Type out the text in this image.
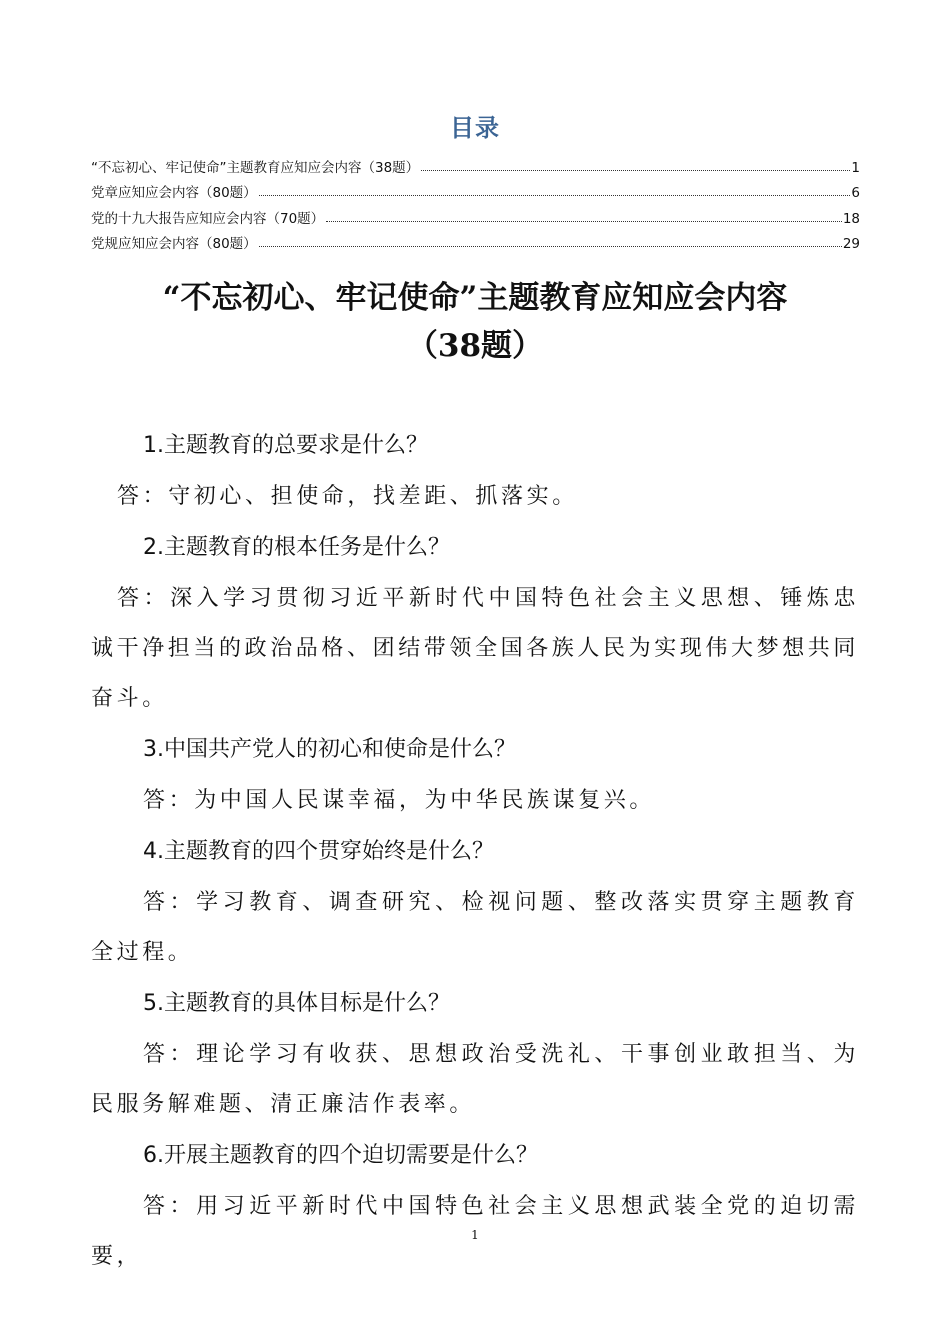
目录
“不忘初心、牢记使命”主题教育应知应会内容（38题）	1
党章应知应会内容（80题）	6
党的十九大报告应知应会内容（70题）	18
党规应知应会内容（80题）	29
“不忘初心、牢记使命”主题教育应知应会内容
（38题）

1.主题教育的总要求是什么？

答：守初心、担使命，找差距、抓落实。

2.主题教育的根本任务是什么？

答：深入学习贯彻习近平新时代中国特色社会主义思想、锤炼忠诚干净担当的政治品格、团结带领全国各族人民为实现伟大梦想共同奋斗。

3.中国共产党人的初心和使命是什么？

答：为中国人民谋幸福，为中华民族谋复兴。

4.主题教育的四个贯穿始终是什么？

答：学习教育、调查研究、检视问题、整改落实贯穿主题教育全过程。

5.主题教育的具体目标是什么？

答：理论学习有收获、思想政治受洗礼、干事创业敢担当、为民服务解难题、清正廉洁作表率。

6.开展主题教育的四个迫切需要是什么？

答：用习近平新时代中国特色社会主义思想武装全党的迫切需要，

1
